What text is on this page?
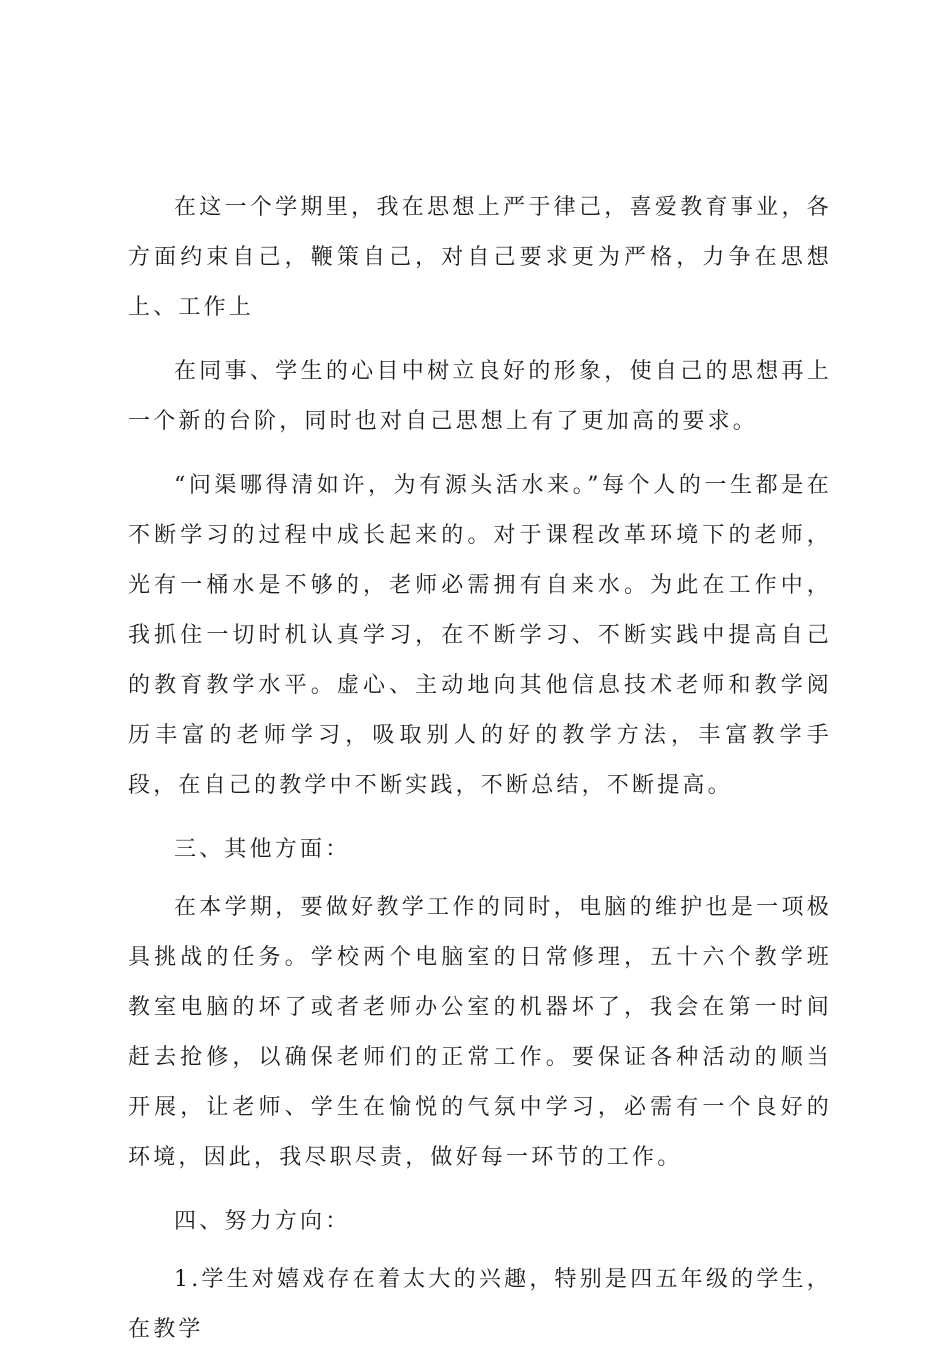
在这一个学期里，我在思想上严于律己，喜爱教育事业，各方面约束自己，鞭策自己，对自己要求更为严格，力争在思想上、工作上

在同事、学生的心目中树立良好的形象，使自己的思想再上一个新的台阶，同时也对自己思想上有了更加高的要求。

“问渠哪得清如许，为有源头活水来。”每个人的一生都是在不断学习的过程中成长起来的。对于课程改革环境下的老师，光有一桶水是不够的，老师必需拥有自来水。为此在工作中，我抓住一切时机认真学习，在不断学习、不断实践中提高自己的教育教学水平。虚心、主动地向其他信息技术老师和教学阅历丰富的老师学习，吸取别人的好的教学方法，丰富教学手段，在自己的教学中不断实践，不断总结，不断提高。

三、其他方面：

在本学期，要做好教学工作的同时，电脑的维护也是一项极具挑战的任务。学校两个电脑室的日常修理，五十六个教学班教室电脑的坏了或者老师办公室的机器坏了，我会在第一时间赶去抢修，以确保老师们的正常工作。要保证各种活动的顺当开展，让老师、学生在愉悦的气氛中学习，必需有一个良好的环境，因此，我尽职尽责，做好每一环节的工作。

四、努力方向：

1.学生对嬉戏存在着太大的兴趣，特别是四五年级的学生，在教学
